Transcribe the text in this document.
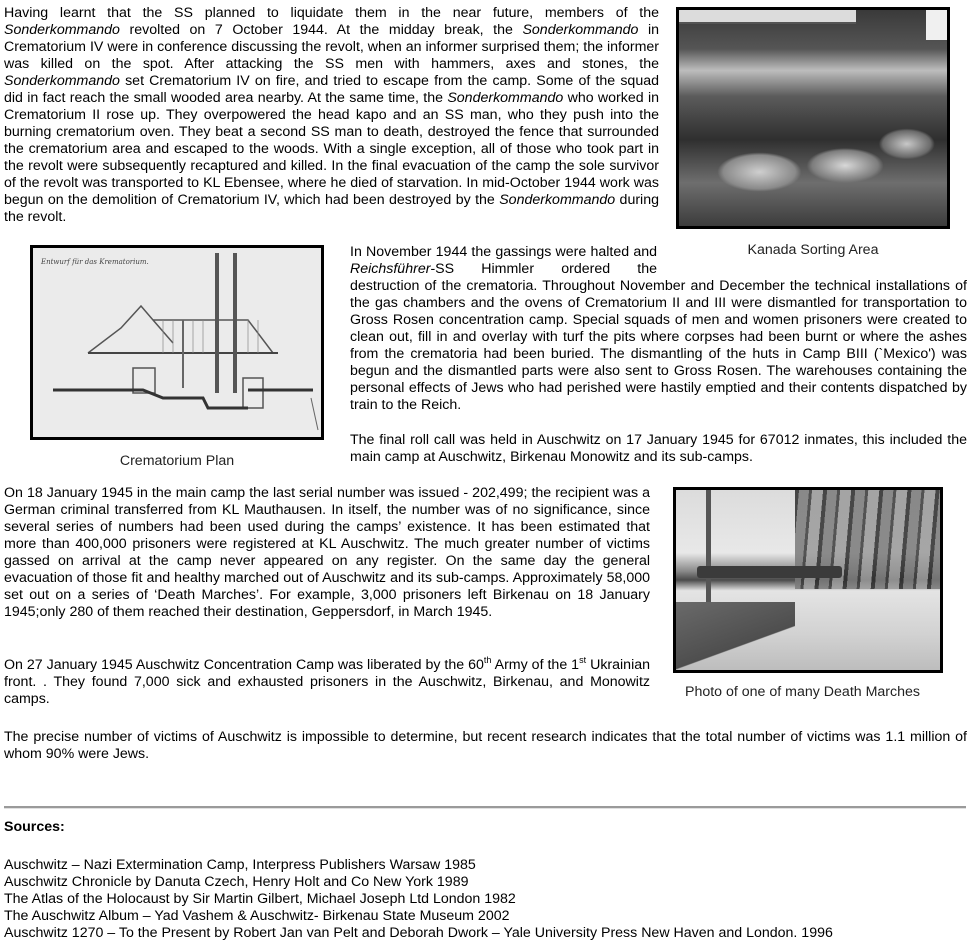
Having learnt that the SS planned to liquidate them in the near future, members of the Sonderkommando revolted on 7 October 1944. At the midday break, the Sonderkommando in Crematorium IV were in conference discussing the revolt, when an informer surprised them; the informer was killed on the spot. After attacking the SS men with hammers, axes and stones, the Sonderkommando set Crematorium IV on fire, and tried to escape from the camp. Some of the squad did in fact reach the small wooded area nearby. At the same time, the Sonderkommando who worked in Crematorium II rose up. They overpowered the head kapo and an SS man, who they push into the burning crematorium oven. They beat a second SS man to death, destroyed the fence that surrounded the crematorium area and escaped to the woods. With a single exception, all of those who took part in the revolt were subsequently recaptured and killed. In the final evacuation of the camp the sole survivor of the revolt was transported to KL Ebensee, where he died of starvation. In mid-October 1944 work was begun on the demolition of Crematorium IV, which had been destroyed by the Sonderkommando during the revolt.

Kanada Sorting Area
Entwurf für das Krematorium.
Crematorium Plan

In November 1944 the gassings were halted and Reichsführer-SS Himmler ordered the destruction of the crematoria. Throughout November and December the technical installations of the gas chambers and the ovens of Crematorium II and III were dismantled for transportation to Gross Rosen concentration camp. Special squads of men and women prisoners were created to clean out, fill in and overlay with turf the pits where corpses had been burnt or where the ashes from the crematoria had been buried. The dismantling of the huts in Camp BIII (`Mexico') was begun and the dismantled parts were also sent to Gross Rosen. The warehouses containing the personal effects of Jews who had perished were hastily emptied and their contents dispatched by train to the Reich.

The final roll call was held in Auschwitz on 17 January 1945 for 67012 inmates, this included the main camp at Auschwitz, Birkenau Monowitz and its sub-camps.

On 18 January 1945 in the main camp the last serial number was issued - 202,499; the recipient was a German criminal transferred from KL Mauthausen. In itself, the number was of no significance, since several series of numbers had been used during the camps’ existence. It has been estimated that more than 400,000 prisoners were registered at KL Auschwitz. The much greater number of victims gassed on arrival at the camp never appeared on any register. On the same day the general evacuation of those fit and healthy marched out of Auschwitz and its sub-camps. Approximately 58,000 set out on a series of ‘Death Marches’. For example, 3,000 prisoners left Birkenau on 18 January 1945;only 280 of them reached their destination, Geppersdorf, in March 1945.

Photo of one of many Death Marches

On 27 January 1945 Auschwitz Concentration Camp was liberated by the 60th Army of the 1st Ukrainian front. . They found 7,000 sick and exhausted prisoners in the Auschwitz, Birkenau, and Monowitz camps.

The precise number of victims of Auschwitz is impossible to determine, but recent research indicates that the total number of victims was 1.1 million of whom 90% were Jews.

Sources:
Auschwitz – Nazi Extermination Camp, Interpress Publishers Warsaw 1985
Auschwitz Chronicle by Danuta Czech, Henry Holt and Co New York 1989
The Atlas of the Holocaust by Sir Martin Gilbert, Michael Joseph Ltd London 1982
The Auschwitz Album – Yad Vashem & Auschwitz- Birkenau State Museum 2002
Auschwitz 1270 – To the Present by Robert Jan van Pelt and Deborah Dwork – Yale University Press New Haven and London. 1996
